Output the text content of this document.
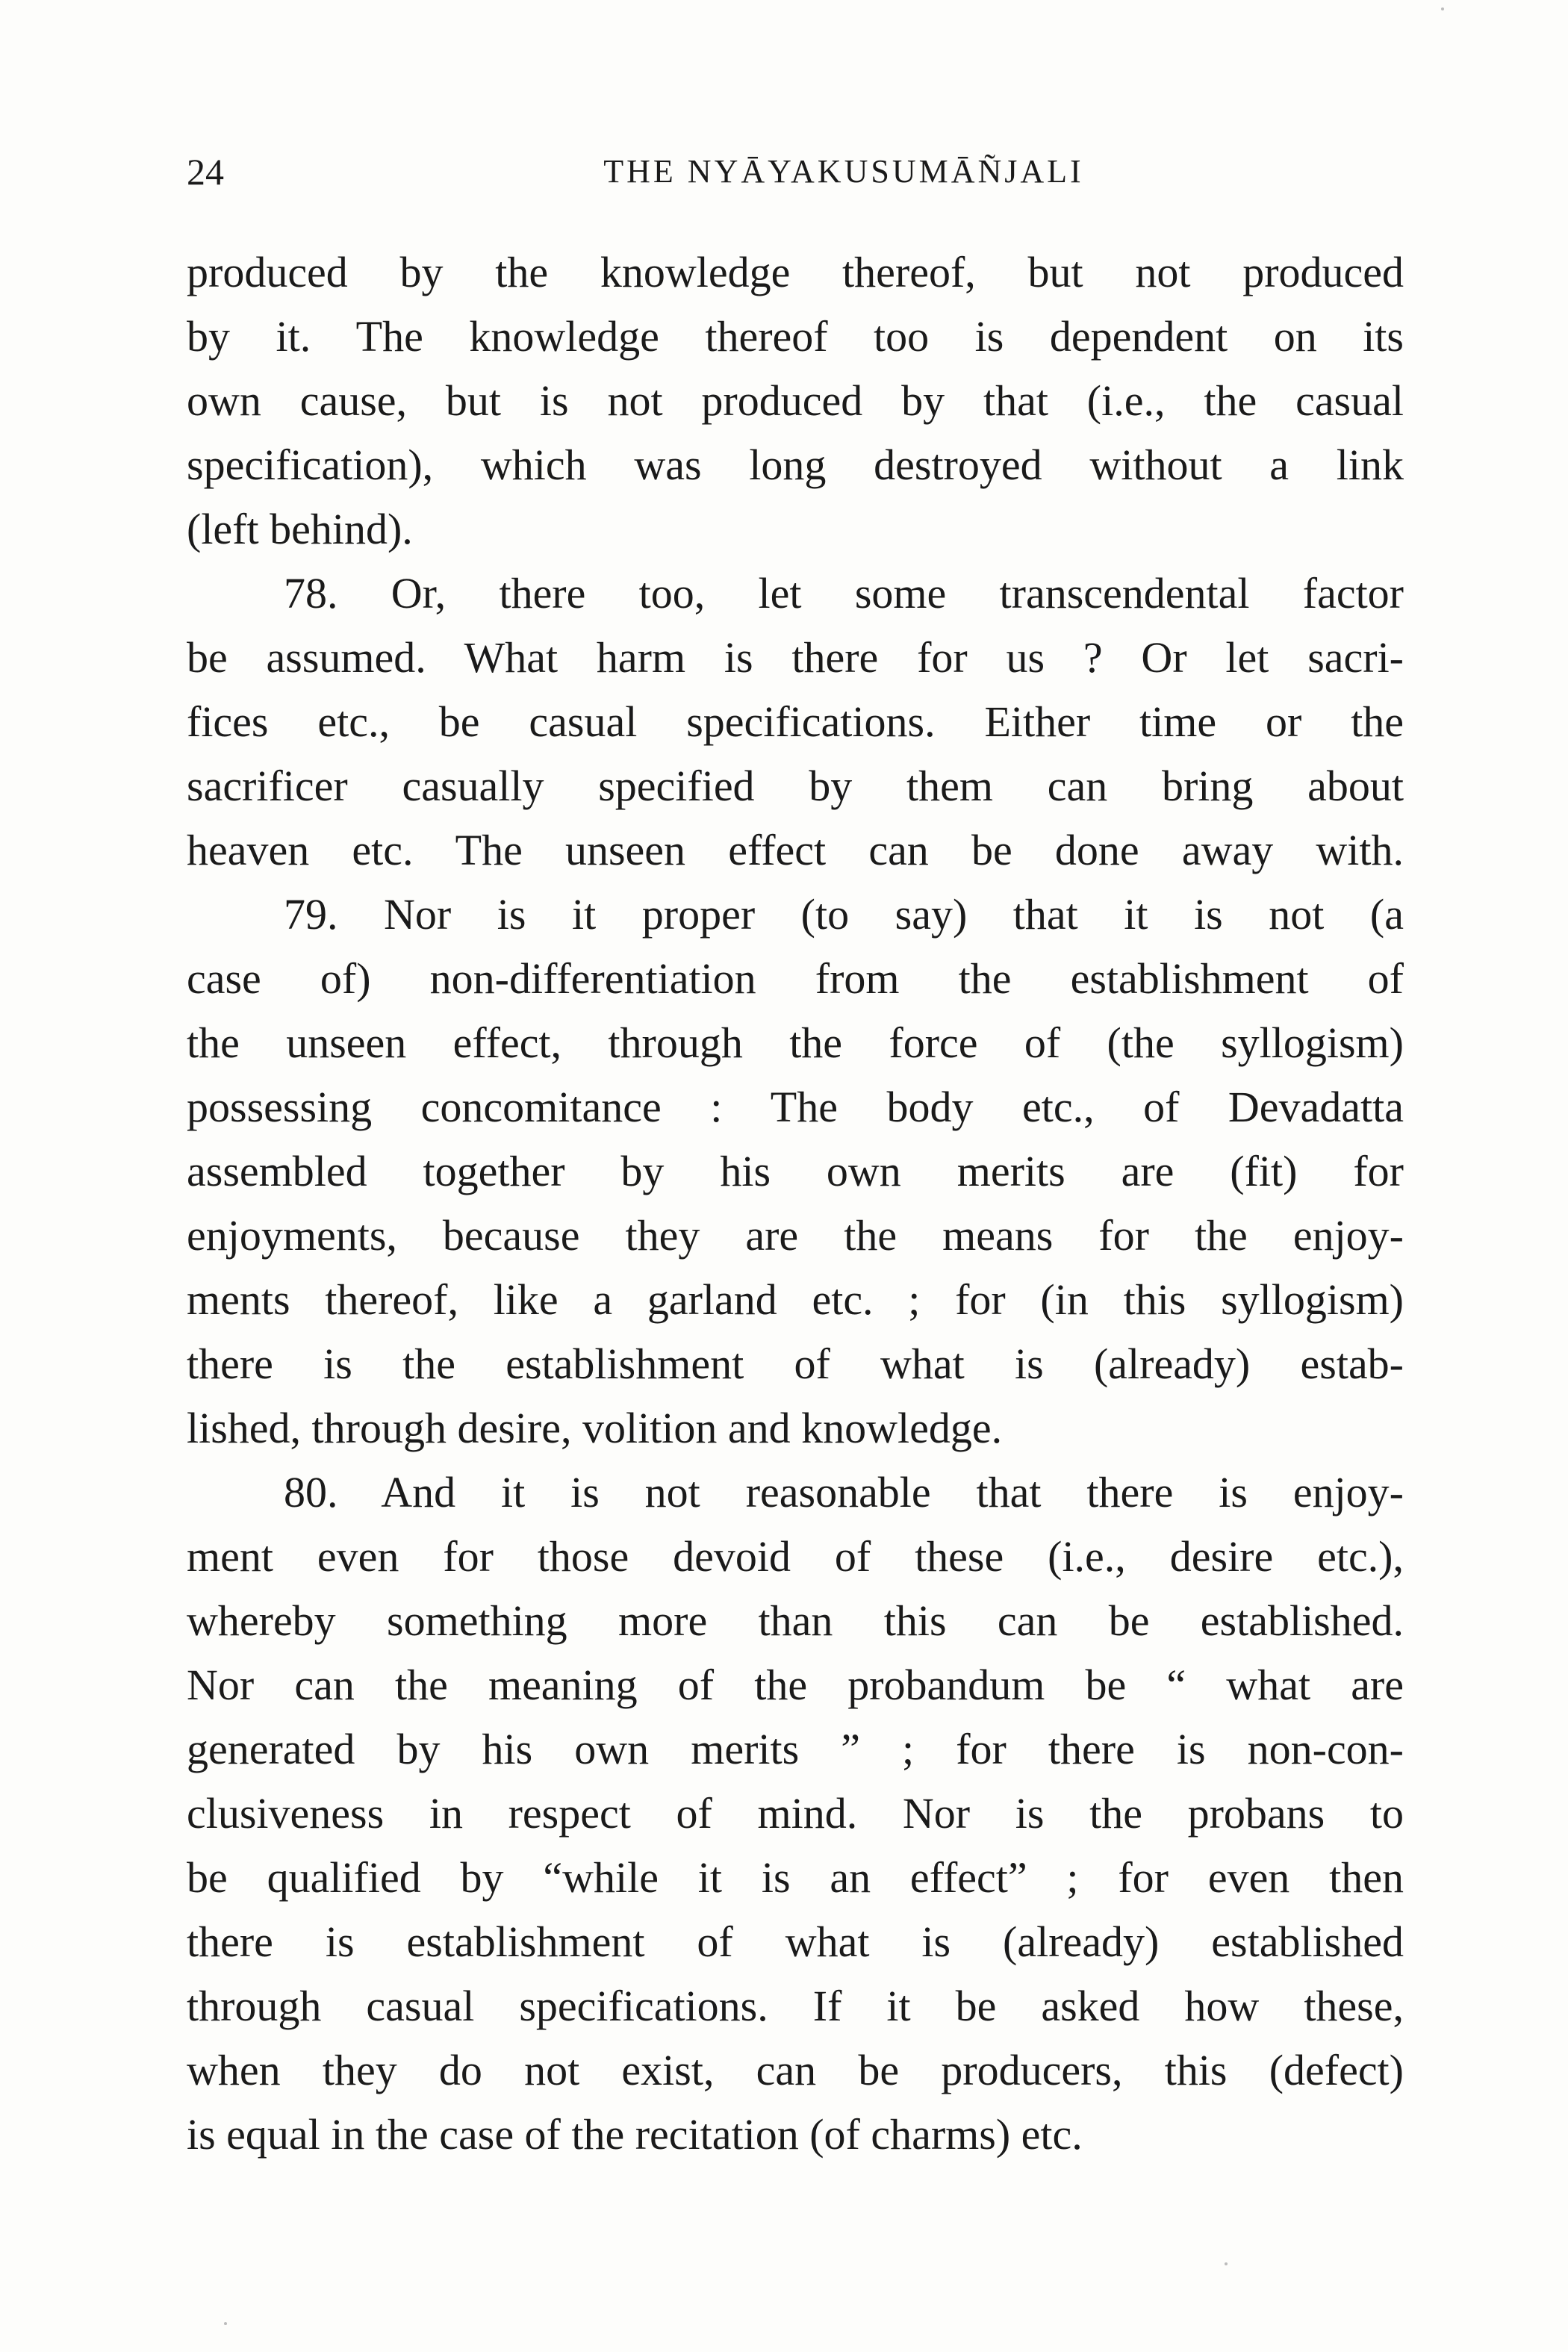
24	THE NYĀYAKUSUMĀÑJALI
produced by the knowledge thereof, but not produced
by it. The knowledge thereof too is dependent on its
own cause, but is not produced by that (i.e., the casual
specification), which was long destroyed without a link
(left behind).
78. Or, there too, let some transcendental factor
be assumed. What harm is there for us ? Or let sacri-
fices etc., be casual specifications. Either time or the
sacrificer casually specified by them can bring about
heaven etc. The unseen effect can be done away with.
79. Nor is it proper (to say) that it is not (a
case of) non-differentiation from the establishment of
the unseen effect, through the force of (the syllogism)
possessing concomitance : The body etc., of Devadatta
assembled together by his own merits are (fit) for
enjoyments, because they are the means for the enjoy-
ments thereof, like a garland etc. ; for (in this syllogism)
there is the establishment of what is (already) estab-
lished, through desire, volition and knowledge.
80. And it is not reasonable that there is enjoy-
ment even for those devoid of these (i.e., desire etc.),
whereby something more than this can be established.
Nor can the meaning of the probandum be “ what are
generated by his own merits ” ; for there is non-con-
clusiveness in respect of mind. Nor is the probans to
be qualified by “while it is an effect” ; for even then
there is establishment of what is (already) established
through casual specifications. If it be asked how these,
when they do not exist, can be producers, this (defect)
is equal in the case of the recitation (of charms) etc.
